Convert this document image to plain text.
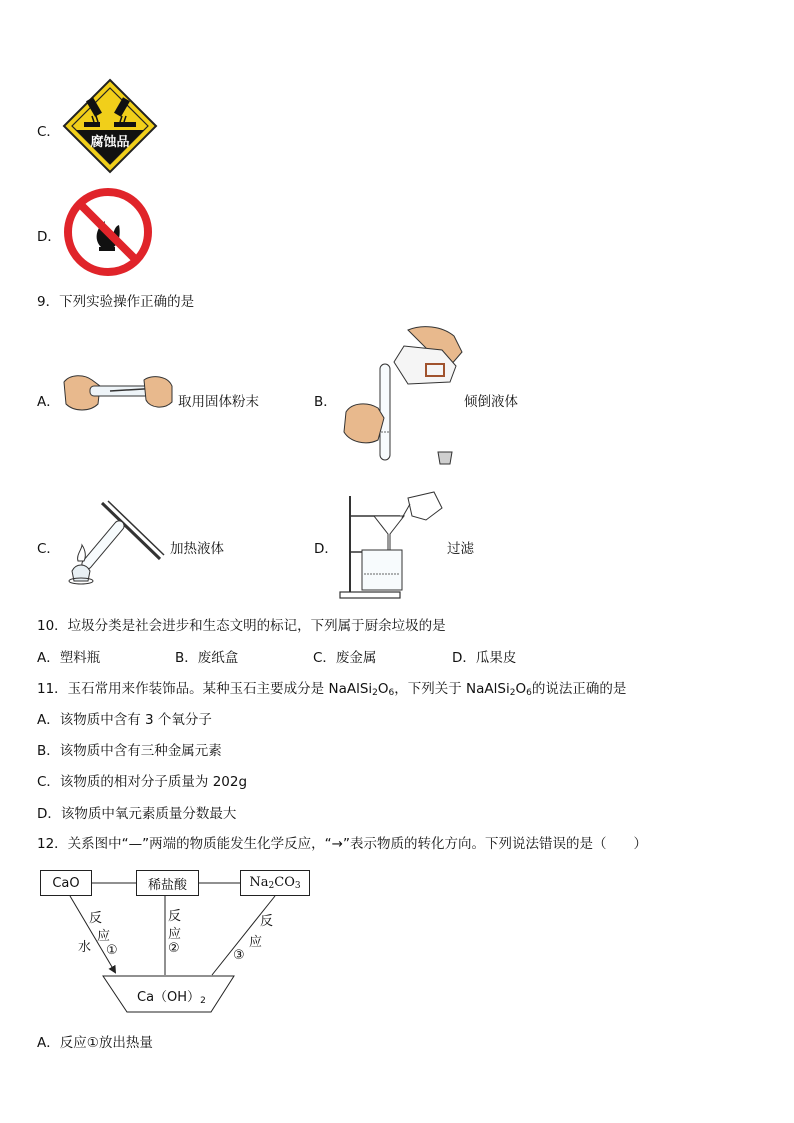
C．
腐蚀品
D．
9．下列实验操作正确的是
A．	取用固体粉末	B．	倾倒液体
C．	加热液体	D．	过滤
10．垃圾分类是社会进步和生态文明的标记，下列属于厨余垃圾的是
A．塑料瓶	B．废纸盒	C．废金属	D．瓜果皮
11．玉石常用来作装饰品。某种玉石主要成分是 $NaAlSi_2O_6$，下列关于 $NaAlSi_2O_6$的说法正确的是
A．该物质中含有 3 个氧分子
B．该物质中含有三种金属元素
C．该物质的相对分子质量为 202g
D．该物质中氧元素质量分数最大
12．关系图中“—”两端的物质能发生化学反应，“→”表示物质的转化方向。下列说法错误的是（　　）
CaO	稀盐酸	$Na_2CO_3$
$Ca(OH)_2$
水
反
应
①
反
应
②
反
应
③
A．反应①放出热量
